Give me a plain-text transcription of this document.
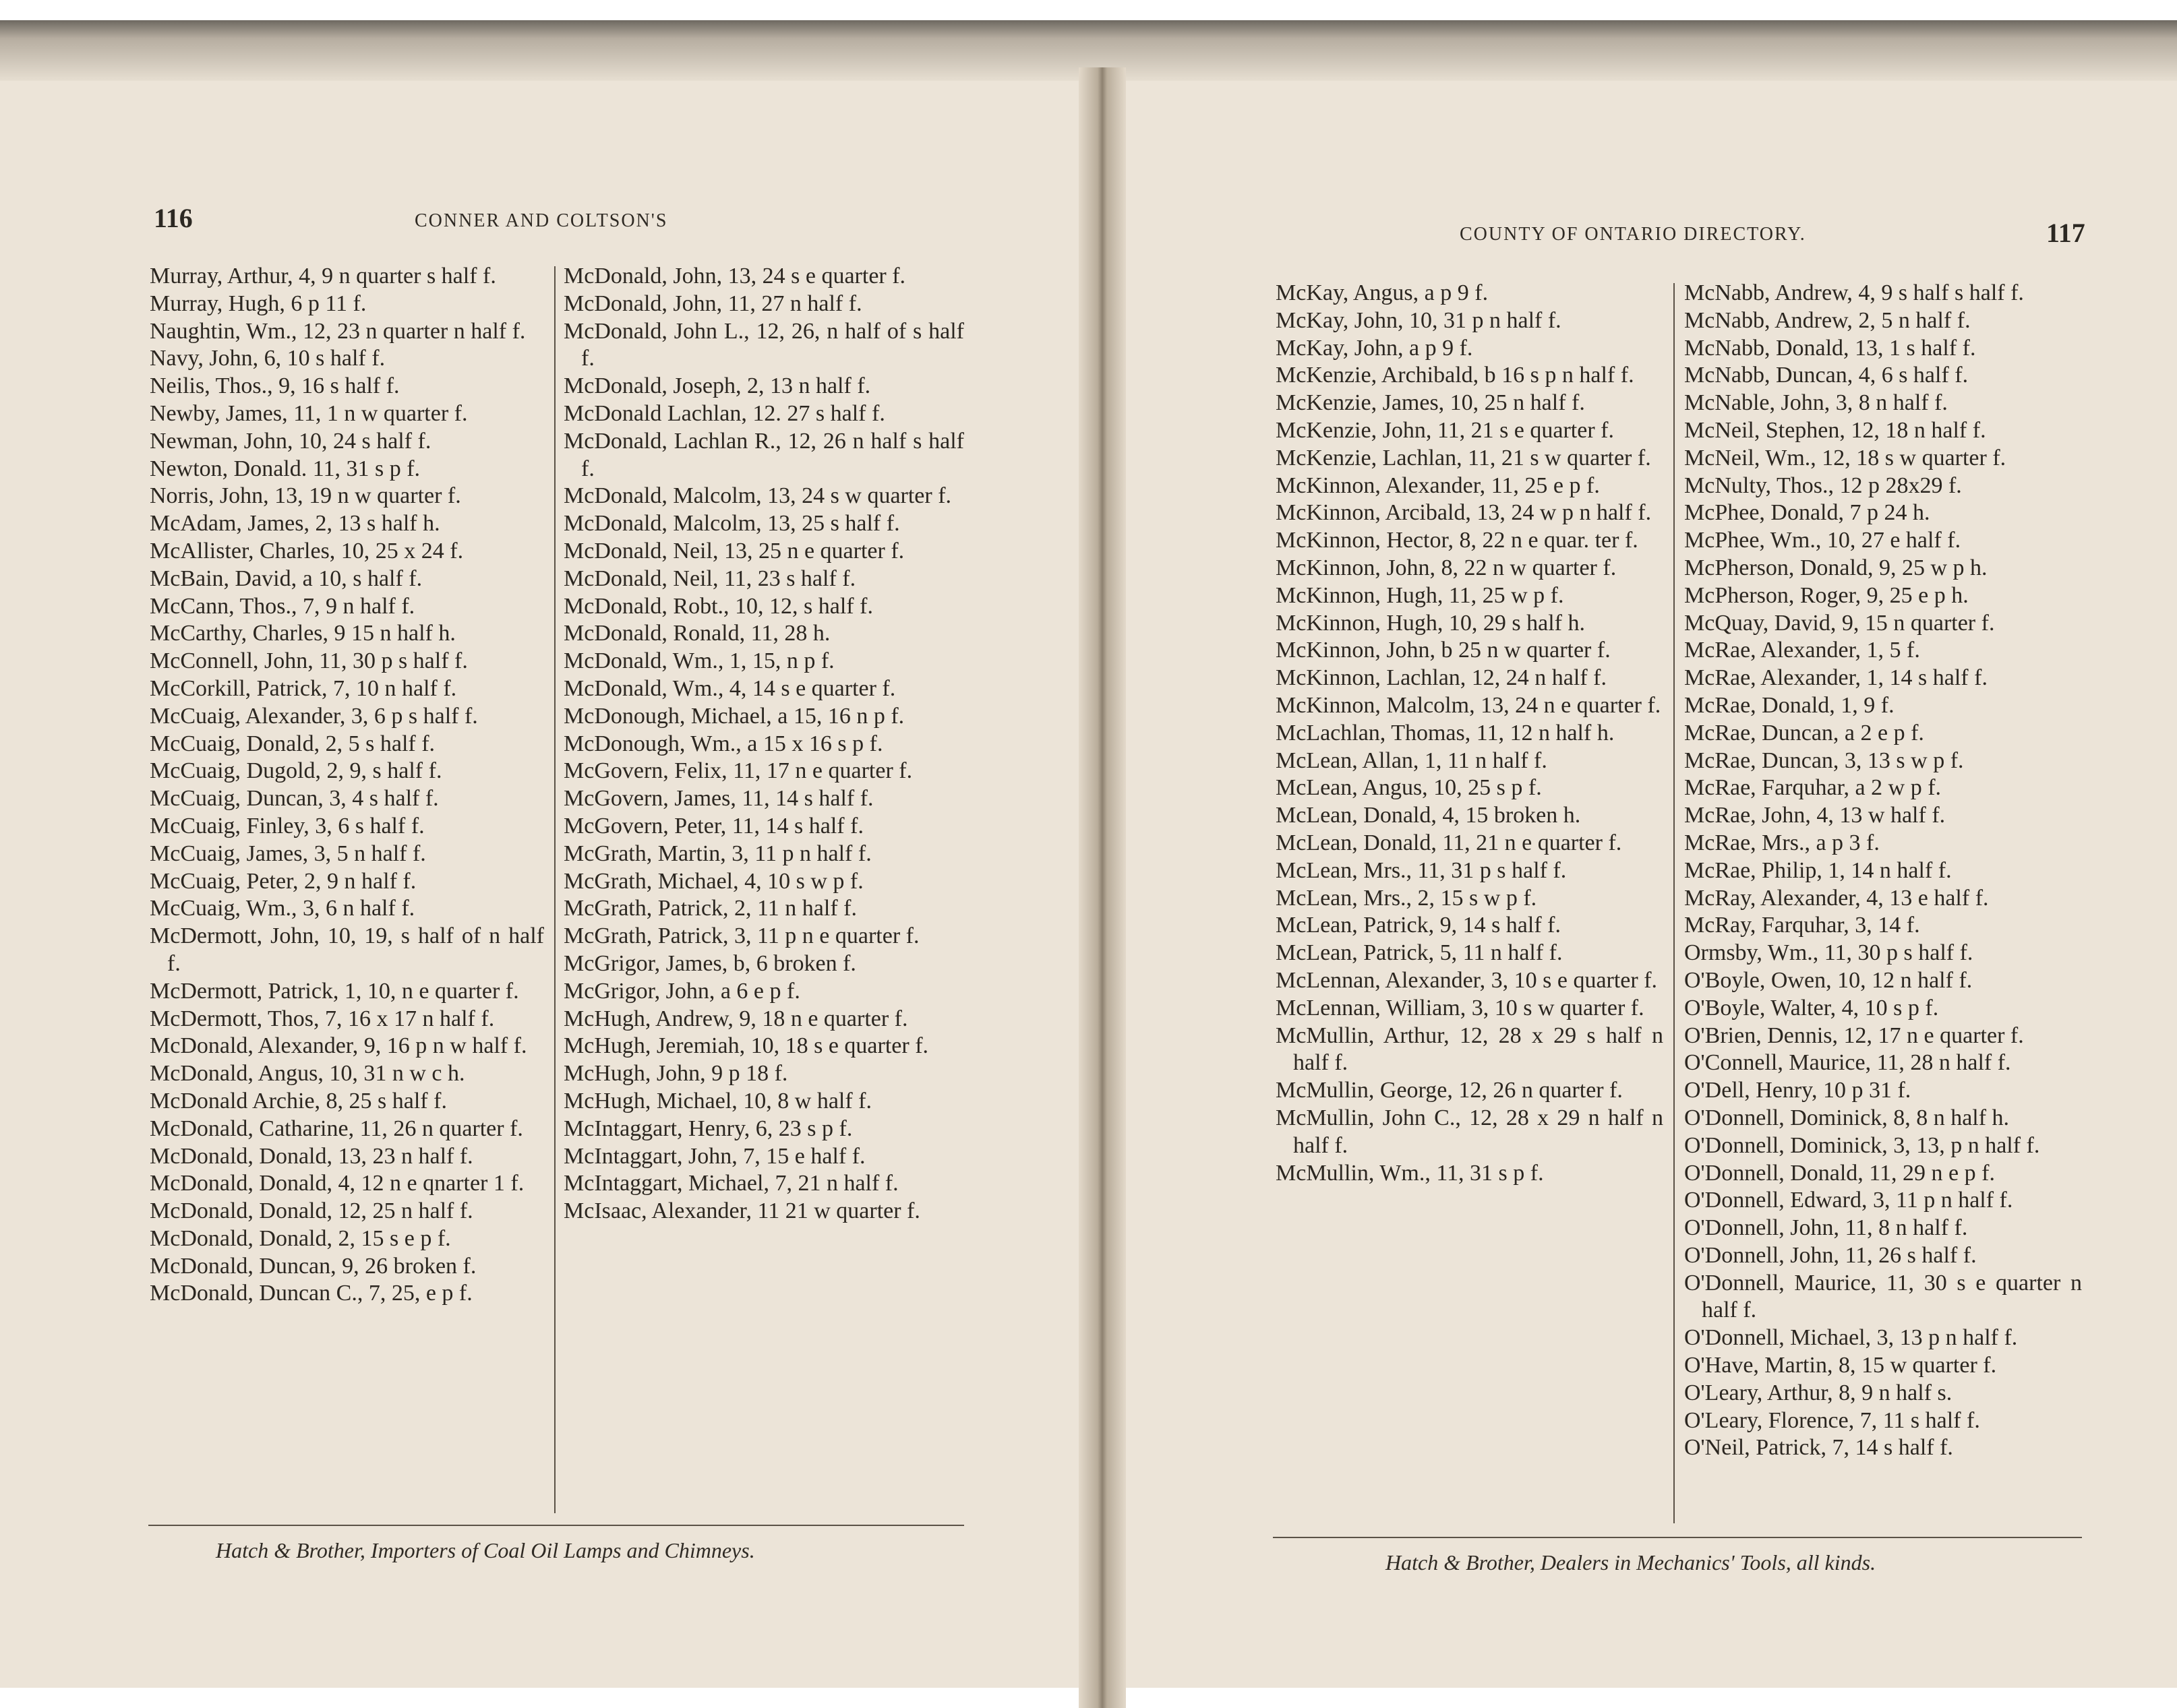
116	CONNER AND COLTSON'S
Murray, Arthur, 4, 9 n quarter s half f.
Murray, Hugh, 6 p 11 f.
Naughtin, Wm., 12, 23 n quarter n half f.
Navy, John, 6, 10 s half f.
Neilis, Thos., 9, 16 s half f.
Newby, James, 11, 1 n w quarter f.
Newman, John, 10, 24 s half f.
Newton, Donald. 11, 31 s p f.
Norris, John, 13, 19 n w quarter f.
McAdam, James, 2, 13 s half h.
McAllister, Charles, 10, 25 x 24 f.
McBain, David, a 10, s half f.
McCann, Thos., 7, 9 n half f.
McCarthy, Charles, 9 15 n half h.
McConnell, John, 11, 30 p s half f.
McCorkill, Patrick, 7, 10 n half f.
McCuaig, Alexander, 3, 6 p s half f.
McCuaig, Donald, 2, 5 s half f.
McCuaig, Dugold, 2, 9, s half f.
McCuaig, Duncan, 3, 4 s half f.
McCuaig, Finley, 3, 6 s half f.
McCuaig, James, 3, 5 n half f.
McCuaig, Peter, 2, 9 n half f.
McCuaig, Wm., 3, 6 n half f.
McDermott, John, 10, 19, s half of n half f.
McDermott, Patrick, 1, 10, n e quarter f.
McDermott, Thos, 7, 16 x 17 n half f.
McDonald, Alexander, 9, 16 p n w half f.
McDonald, Angus, 10, 31 n w c h.
McDonald Archie, 8, 25 s half f.
McDonald, Catharine, 11, 26 n quarter f.
McDonald, Donald, 13, 23 n half f.
McDonald, Donald, 4, 12 n e qnarter 1 f.
McDonald, Donald, 12, 25 n half f.
McDonald, Donald, 2, 15 s e p f.
McDonald, Duncan, 9, 26 broken f.
McDonald, Duncan C., 7, 25, e p f.
McDonald, John, 13, 24 s e quarter f.
McDonald, John, 11, 27 n half f.
McDonald, John L., 12, 26, n half of s half f.
McDonald, Joseph, 2, 13 n half f.
McDonald Lachlan, 12. 27 s half f.
McDonald, Lachlan R., 12, 26 n half s half f.
McDonald, Malcolm, 13, 24 s w quarter f.
McDonald, Malcolm, 13, 25 s half f.
McDonald, Neil, 13, 25 n e quarter f.
McDonald, Neil, 11, 23 s half f.
McDonald, Robt., 10, 12, s half f.
McDonald, Ronald, 11, 28 h.
McDonald, Wm., 1, 15, n p f.
McDonald, Wm., 4, 14 s e quarter f.
McDonough, Michael, a 15, 16 n p f.
McDonough, Wm., a 15 x 16 s p f.
McGovern, Felix, 11, 17 n e quarter f.
McGovern, James, 11, 14 s half f.
McGovern, Peter, 11, 14 s half f.
McGrath, Martin, 3, 11 p n half f.
McGrath, Michael, 4, 10 s w p f.
McGrath, Patrick, 2, 11 n half f.
McGrath, Patrick, 3, 11 p n e quarter f.
McGrigor, James, b, 6 broken f.
McGrigor, John, a 6 e p f.
McHugh, Andrew, 9, 18 n e quarter f.
McHugh, Jeremiah, 10, 18 s e quarter f.
McHugh, John, 9 p 18 f.
McHugh, Michael, 10, 8 w half f.
McIntaggart, Henry, 6, 23 s p f.
McIntaggart, John, 7, 15 e half f.
McIntaggart, Michael, 7, 21 n half f.
McIsaac, Alexander, 11 21 w quarter f.
Hatch & Brother, Importers of Coal Oil Lamps and Chimneys.
COUNTY OF ONTARIO DIRECTORY.	117
McKay, Angus, a p 9 f.
McKay, John, 10, 31 p n half f.
McKay, John, a p 9 f.
McKenzie, Archibald, b 16 s p n half f.
McKenzie, James, 10, 25 n half f.
McKenzie, John, 11, 21 s e quarter f.
McKenzie, Lachlan, 11, 21 s w quarter f.
McKinnon, Alexander, 11, 25 e p f.
McKinnon, Arcibald, 13, 24 w p n half f.
McKinnon, Hector, 8, 22 n e quar. ter f.
McKinnon, John, 8, 22 n w quarter f.
McKinnon, Hugh, 11, 25 w p f.
McKinnon, Hugh, 10, 29 s half h.
McKinnon, John, b 25 n w quarter f.
McKinnon, Lachlan, 12, 24 n half f.
McKinnon, Malcolm, 13, 24 n e quarter f.
McLachlan, Thomas, 11, 12 n half h.
McLean, Allan, 1, 11 n half f.
McLean, Angus, 10, 25 s p f.
McLean, Donald, 4, 15 broken h.
McLean, Donald, 11, 21 n e quarter f.
McLean, Mrs., 11, 31 p s half f.
McLean, Mrs., 2, 15 s w p f.
McLean, Patrick, 9, 14 s half f.
McLean, Patrick, 5, 11 n half f.
McLennan, Alexander, 3, 10 s e quarter f.
McLennan, William, 3, 10 s w quarter f.
McMullin, Arthur, 12, 28 x 29 s half n half f.
McMullin, George, 12, 26 n quarter f.
McMullin, John C., 12, 28 x 29 n half n half f.
McMullin, Wm., 11, 31 s p f.
McNabb, Andrew, 4, 9 s half s half f.
McNabb, Andrew, 2, 5 n half f.
McNabb, Donald, 13, 1 s half f.
McNabb, Duncan, 4, 6 s half f.
McNable, John, 3, 8 n half f.
McNeil, Stephen, 12, 18 n half f.
McNeil, Wm., 12, 18 s w quarter f.
McNulty, Thos., 12 p 28x29 f.
McPhee, Donald, 7 p 24 h.
McPhee, Wm., 10, 27 e half f.
McPherson, Donald, 9, 25 w p h.
McPherson, Roger, 9, 25 e p h.
McQuay, David, 9, 15 n quarter f.
McRae, Alexander, 1, 5 f.
McRae, Alexander, 1, 14 s half f.
McRae, Donald, 1, 9 f.
McRae, Duncan, a 2 e p f.
McRae, Duncan, 3, 13 s w p f.
McRae, Farquhar, a 2 w p f.
McRae, John, 4, 13 w half f.
McRae, Mrs., a p 3 f.
McRae, Philip, 1, 14 n half f.
McRay, Alexander, 4, 13 e half f.
McRay, Farquhar, 3, 14 f.
Ormsby, Wm., 11, 30 p s half f.
O'Boyle, Owen, 10, 12 n half f.
O'Boyle, Walter, 4, 10 s p f.
O'Brien, Dennis, 12, 17 n e quarter f.
O'Connell, Maurice, 11, 28 n half f.
O'Dell, Henry, 10 p 31 f.
O'Donnell, Dominick, 8, 8 n half h.
O'Donnell, Dominick, 3, 13, p n half f.
O'Donnell, Donald, 11, 29 n e p f.
O'Donnell, Edward, 3, 11 p n half f.
O'Donnell, John, 11, 8 n half f.
O'Donnell, John, 11, 26 s half f.
O'Donnell, Maurice, 11, 30 s e quarter n half f.
O'Donnell, Michael, 3, 13 p n half f.
O'Have, Martin, 8, 15 w quarter f.
O'Leary, Arthur, 8, 9 n half s.
O'Leary, Florence, 7, 11 s half f.
O'Neil, Patrick, 7, 14 s half f.
Hatch & Brother, Dealers in Mechanics' Tools, all kinds.
